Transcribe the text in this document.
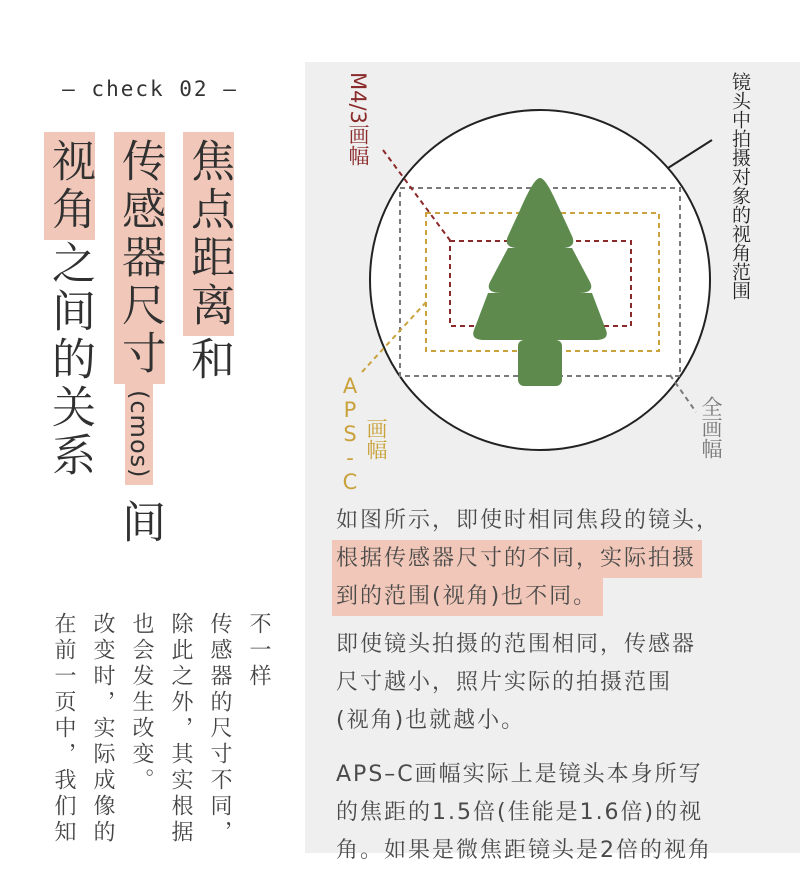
– check 02 –
视角之间的关系 传感器尺寸(cmos)间
焦点距离和
不一样
传感器的尺寸不同，
除此之外，其实根据
也会发生改变。
改变时，实际成像的
在前一页中，我们知
M4/3画幅	镜头中拍摄对象的视角范围
APS-C 画幅	全画幅

如图所示，即使时相同焦段的镜头，

根据传感器尺寸的不同，实际拍摄

到的范围(视角)也不同。

即使镜头拍摄的范围相同，传感器

尺寸越小，照片实际的拍摄范围

(视角)也就越小。

APS–C画幅实际上是镜头本身所写

的焦距的1.5倍(佳能是1.6倍)的视

角。如果是微焦距镜头是2倍的视角
